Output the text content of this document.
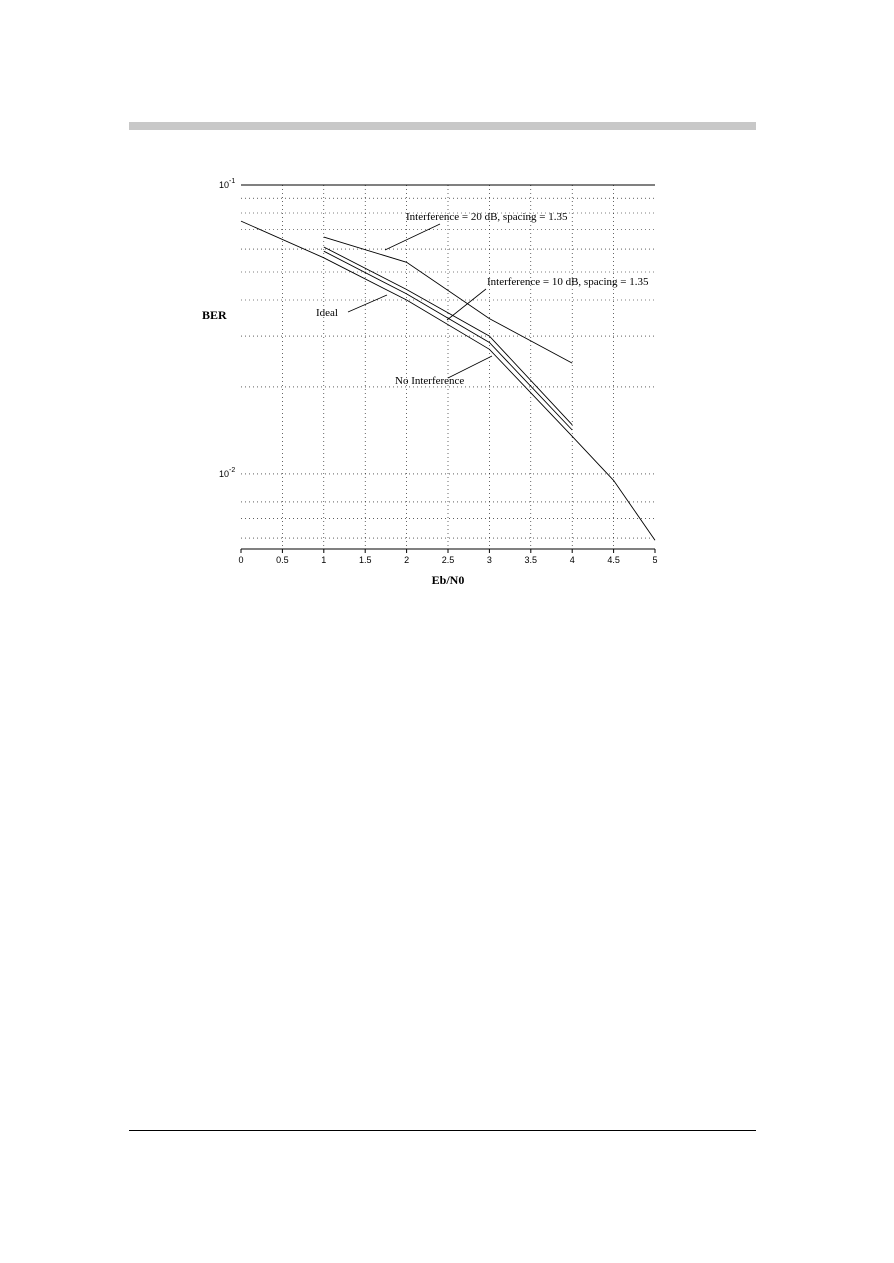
0	0.5	1	1.5	2	2.5	3	3.5	4	4.5	5
$10^{-1}$
$10^{-2}$
Interference = 20 dB, spacing = 1.35
Interference = 10 dB, spacing = 1.35
Ideal
No Interference
BER
Eb/N0
